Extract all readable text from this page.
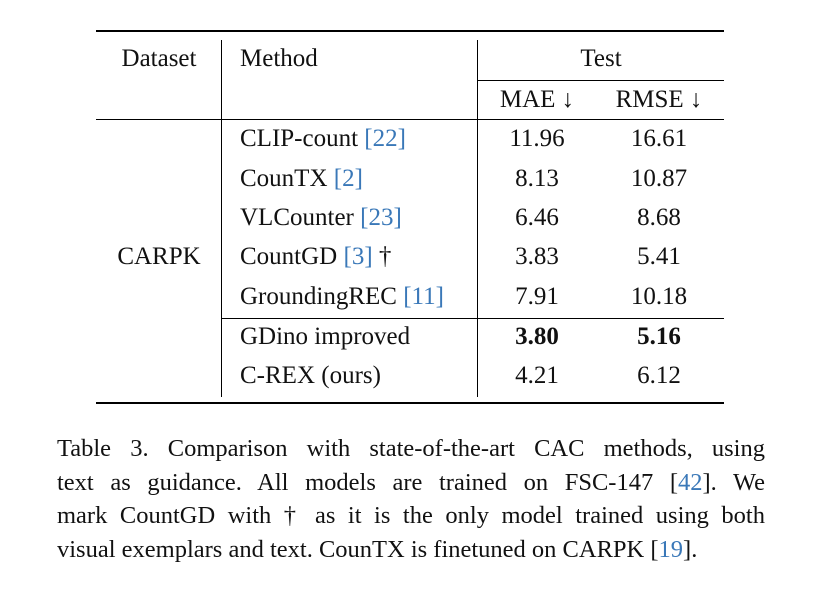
Dataset Method	Test
MAE ↓ RMSE ↓
CARPK
CLIP-count [22]	11.96	16.61
CounTX [2]	8.13	10.87
VLCounter [23]	6.46	8.68
CountGD [3] †	3.83	5.41
GroundingREC [11]	7.91	10.18
GDino improved	3.80	5.16
C-REX (ours)	4.21	6.12
Table 3. Comparison with state-of-the-art CAC methods, using
text as guidance. All models are trained on FSC-147 [42]. We
mark CountGD with † as it is the only model trained using both
visual exemplars and text. CounTX is finetuned on CARPK [19].
